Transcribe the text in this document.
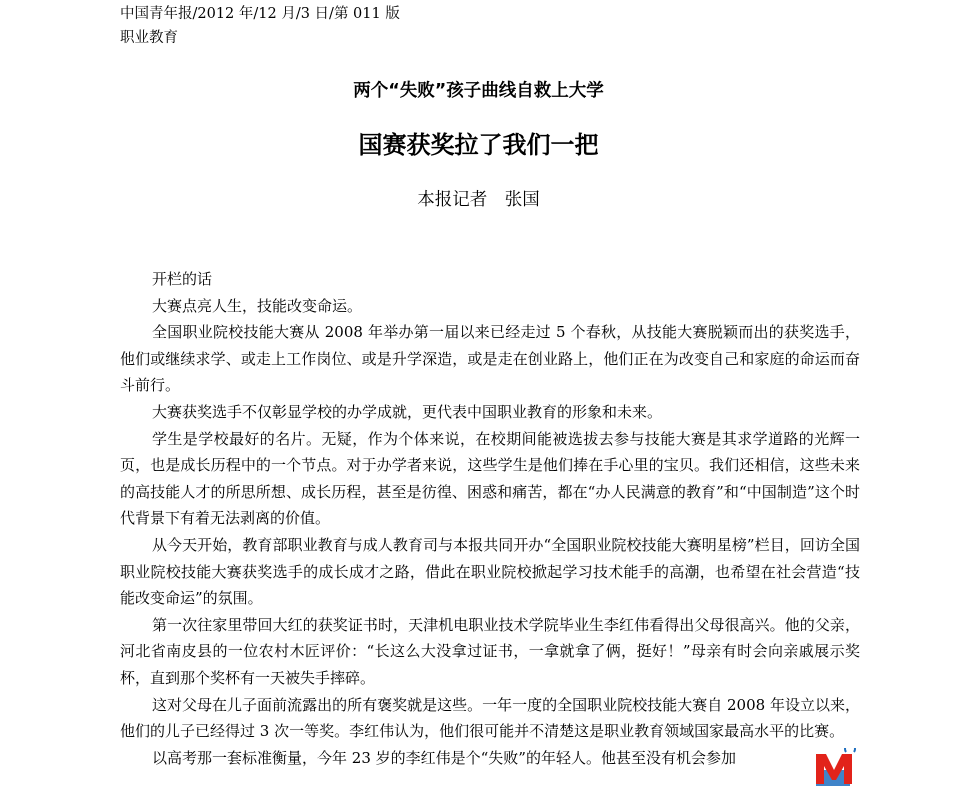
中国青年报/2012 年/12 月/3 日/第 011 版
职业教育
两个“失败”孩子曲线自救上大学
国赛获奖拉了我们一把
本报记者　张国

开栏的话

大赛点亮人生，技能改变命运。

全国职业院校技能大赛从 2008 年举办第一届以来已经走过 5 个春秋，从技能大赛脱颖而出的获奖选手，他们或继续求学、或走上工作岗位、或是升学深造，或是走在创业路上，他们正在为改变自己和家庭的命运而奋斗前行。

大赛获奖选手不仅彰显学校的办学成就，更代表中国职业教育的形象和未来。

学生是学校最好的名片。无疑，作为个体来说，在校期间能被选拔去参与技能大赛是其求学道路的光辉一页，也是成长历程中的一个节点。对于办学者来说，这些学生是他们捧在手心里的宝贝。我们还相信，这些未来的高技能人才的所思所想、成长历程，甚至是彷徨、困惑和痛苦，都在“办人民满意的教育”和“中国制造”这个时代背景下有着无法剥离的价值。

从今天开始，教育部职业教育与成人教育司与本报共同开办“全国职业院校技能大赛明星榜”栏目，回访全国职业院校技能大赛获奖选手的成长成才之路，借此在职业院校掀起学习技术能手的高潮，也希望在社会营造“技能改变命运”的氛围。

第一次往家里带回大红的获奖证书时，天津机电职业技术学院毕业生李红伟看得出父母很高兴。他的父亲，河北省南皮县的一位农村木匠评价：“长这么大没拿过证书，一拿就拿了俩，挺好！”母亲有时会向亲戚展示奖杯，直到那个奖杯有一天被失手摔碎。

这对父母在儿子面前流露出的所有褒奖就是这些。一年一度的全国职业院校技能大赛自 2008 年设立以来，他们的儿子已经得过 3 次一等奖。李红伟认为，他们很可能并不清楚这是职业教育领域国家最高水平的比赛。

以高考那一套标准衡量，今年 23 岁的李红伟是个“失败”的年轻人。他甚至没有机会参加
